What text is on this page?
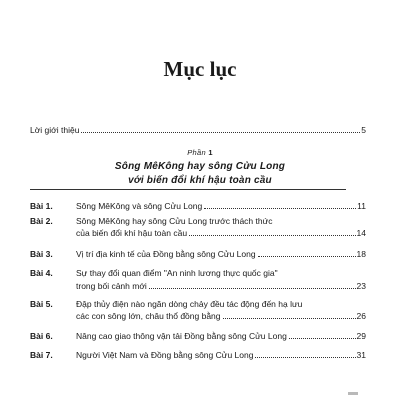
Mục lục
Lời giới thiệu	5
Phần 1
Sông MêKông hay sông Cửu Long
với biến đổi khí hậu toàn cầu
Bài 1.	Sông MêKông và sông Cửu Long	11
Bài 2.	Sông MêKông hay sông Cửu Long trước thách thức
của biến đổi khí hậu toàn cầu	14
Bài 3.	Vị trí địa kinh tế của Đồng bằng sông Cửu Long	18
Bài 4.	Sự thay đổi quan điểm "An ninh lương thực quốc gia"
trong bối cảnh mới	23
Bài 5.	Đập thủy điện nào ngăn dòng chảy đều tác động đến hạ lưu
các con sông lớn, châu thổ đồng bằng	26
Bài 6.	Nâng cao giao thông vận tải Đồng bằng sông Cửu Long	29
Bài 7.	Người Việt Nam và Đồng bằng sông Cửu Long	31
